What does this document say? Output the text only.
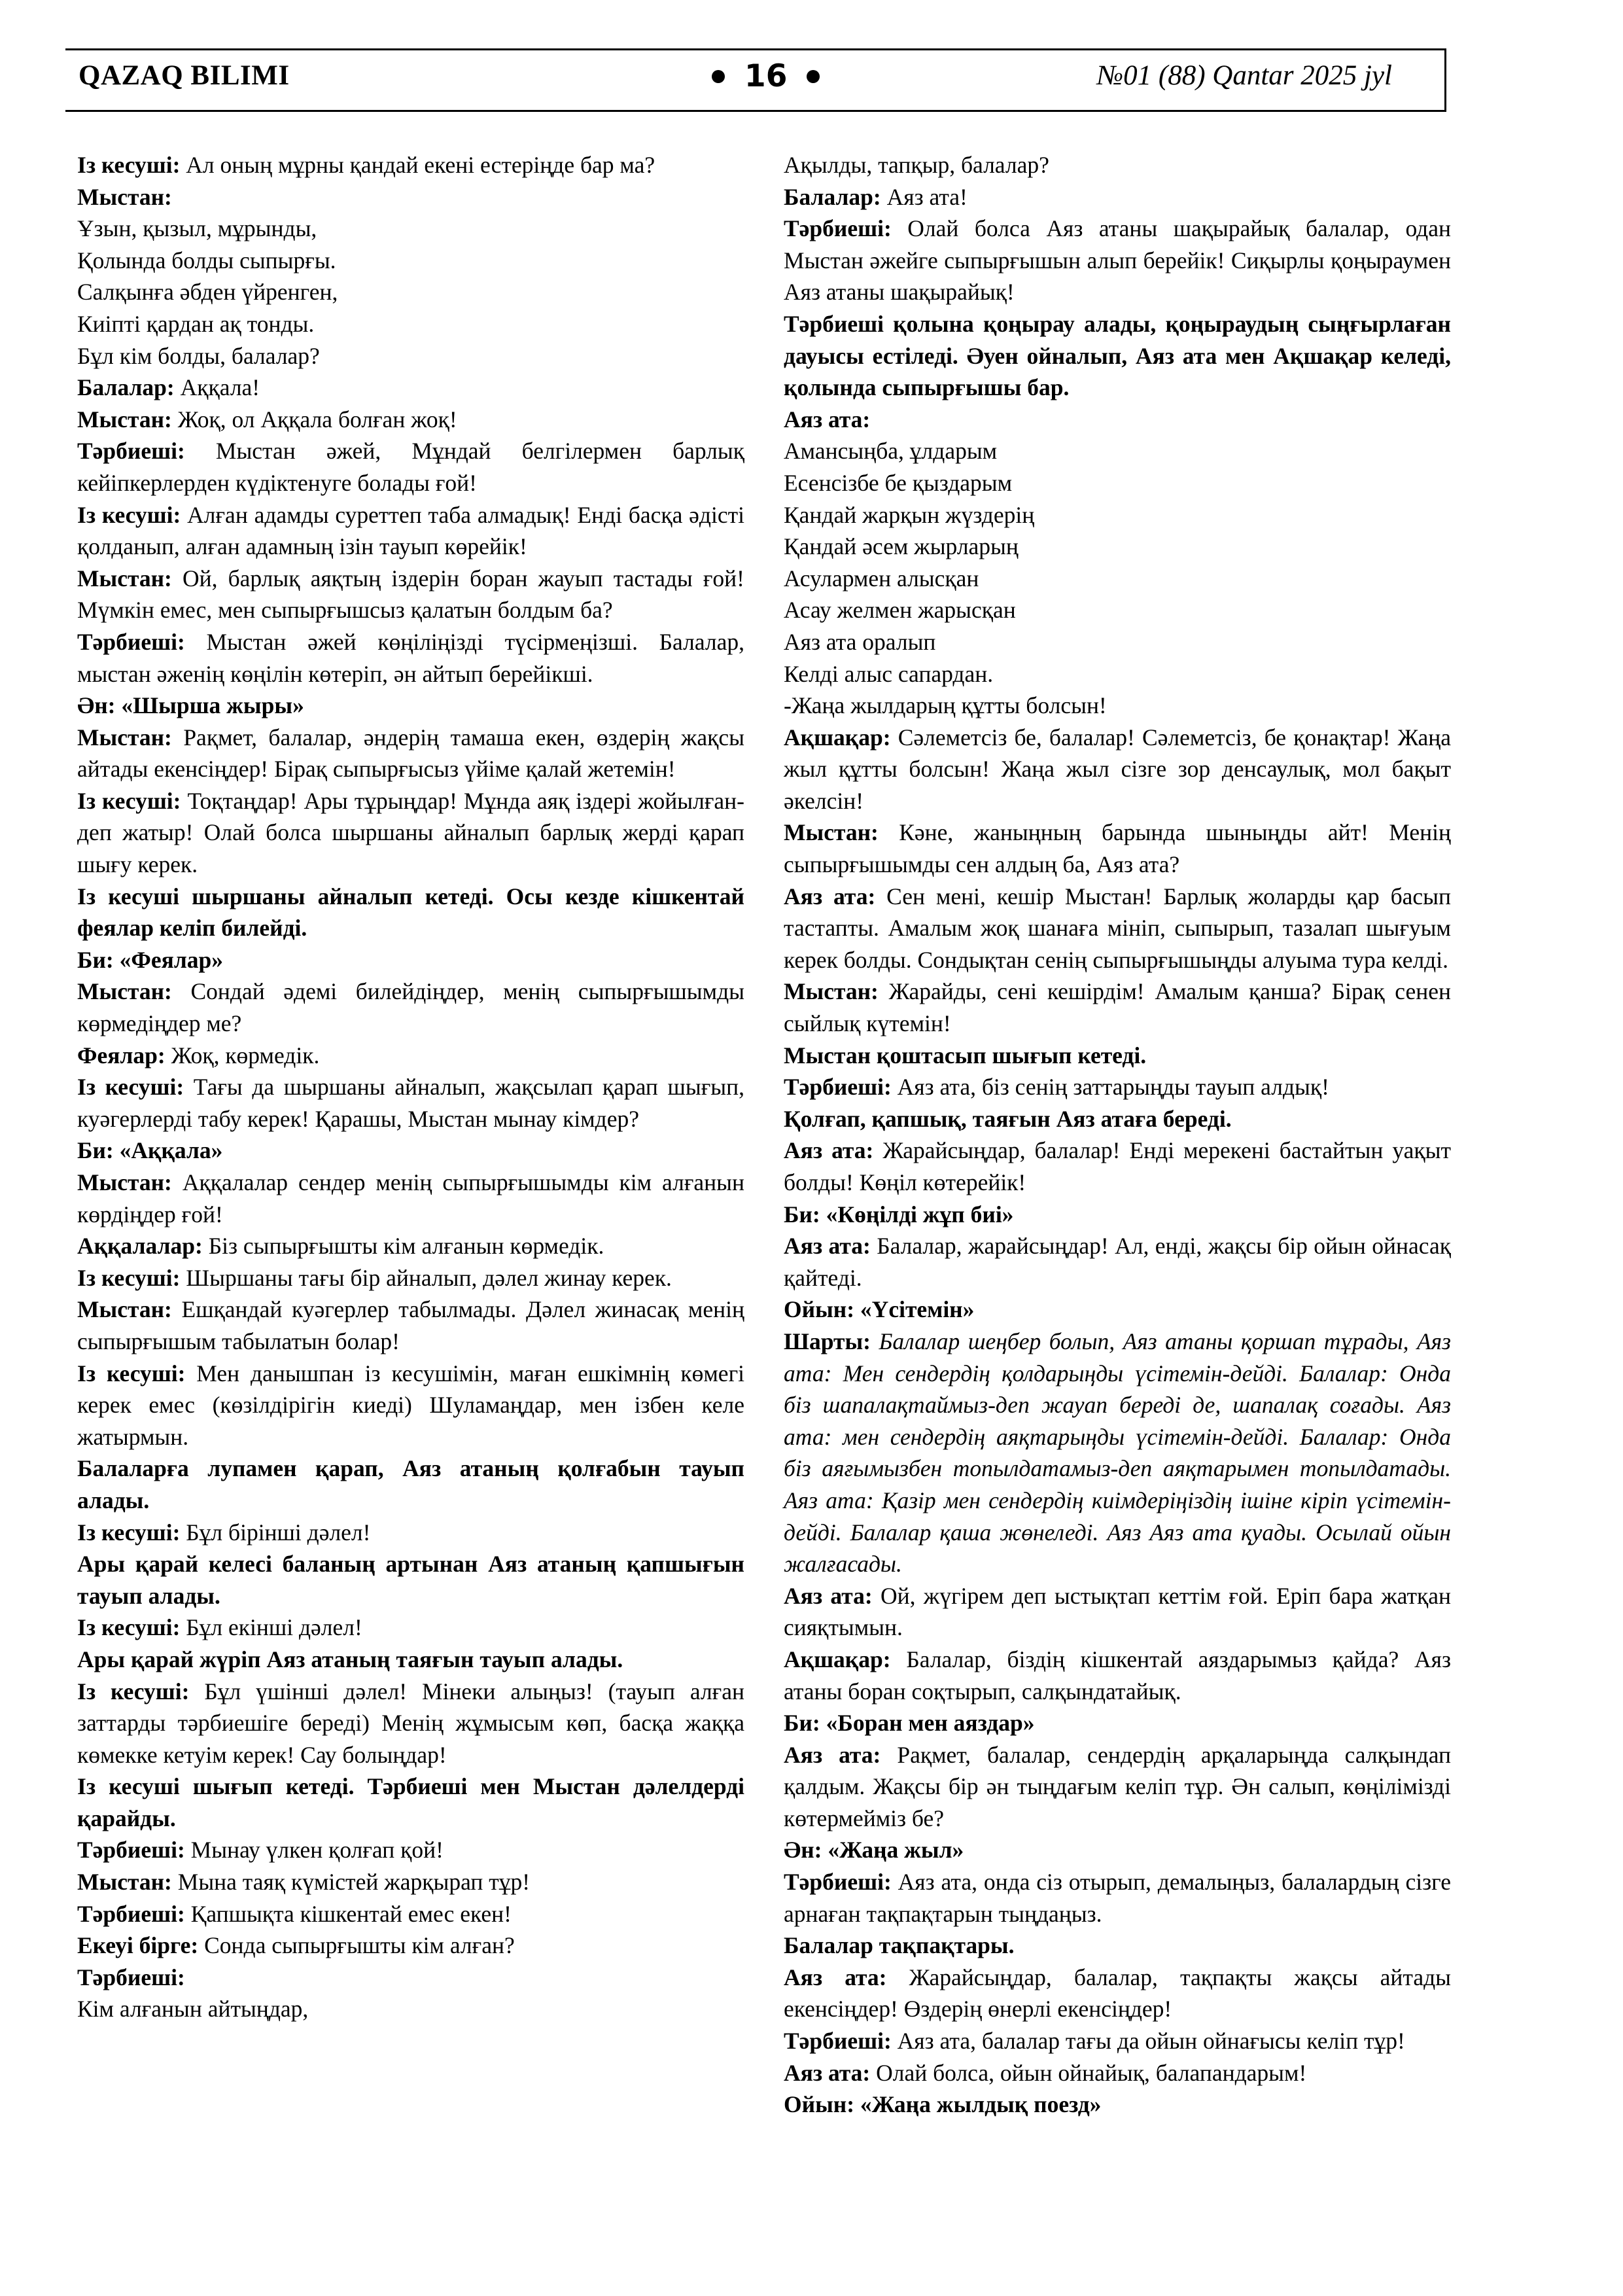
QAZAQ BILIMI	16	№01 (88) Qantar 2025 jyl

Із кесуші: Ал оның мұрны қандай екені естеріңде бар ма?

Мыстан:

Ұзын, қызыл, мұрынды,

Қолында болды сыпырғы.

Салқынға әбден үйренген,

Киіпті қардан ақ тонды.

Бұл кім болды, балалар?

Балалар: Аққала!

Мыстан: Жоқ, ол Аққала болған жоқ!

Тәрбиеші: Мыстан әжей, Мұндай белгілермен барлық кейіпкерлерден күдіктенуге болады ғой!

Із кесуші: Алған адамды суреттеп таба алмадық! Енді басқа әдісті қолданып, алған адамның ізін тауып көрейік!

Мыстан: Ой, барлық аяқтың іздерін боран жауып тастады ғой! Мүмкін емес, мен сыпырғышсыз қалатын болдым ба?

Тәрбиеші: Мыстан әжей көңіліңізді түсірмеңізші. Балалар, мыстан әженің көңілін көтеріп, ән айтып берейікші.

Ән: «Шырша жыры»

Мыстан: Рақмет, балалар, әндерің тамаша екен, өздерің жақсы айтады екенсіңдер! Бірақ сыпырғысыз үйіме қалай жетемін!

Із кесуші: Тоқтаңдар! Ары тұрыңдар! Мұнда аяқ іздері жойылған-деп жатыр! Олай болса шыршаны айналып барлық жерді қарап шығу керек.

Із кесуші шыршаны айналып кетеді. Осы кезде кішкентай феялар келіп билейді.

Би: «Феялар»

Мыстан: Сондай әдемі билейдіңдер, менің сыпырғышымды көрмедіңдер ме?

Феялар: Жоқ, көрмедік.

Із кесуші: Тағы да шыршаны айналып, жақсылап қарап шығып, куәгерлерді табу керек! Қарашы, Мыстан мынау кімдер?

Би: «Аққала»

Мыстан: Аққалалар сендер менің сыпырғышымды кім алғанын көрдіңдер ғой!

Аққалалар: Біз сыпырғышты кім алғанын көрмедік.

Із кесуші: Шыршаны тағы бір айналып, дәлел жинау керек.

Мыстан: Ешқандай куәгерлер табылмады. Дәлел жинасақ менің сыпырғышым табылатын болар!

Із кесуші: Мен данышпан із кесушімін, маған ешкімнің көмегі керек емес (көзілдірігін киеді) Шуламаңдар, мен ізбен келе жатырмын.

Балаларға лупамен қарап, Аяз атаның қолғабын тауып алады.

Із кесуші: Бұл бірінші дәлел!

Ары қарай келесі баланың артынан Аяз атаның қапшығын тауып алады.

Із кесуші: Бұл екінші дәлел!

Ары қарай жүріп Аяз атаның таяғын тауып алады.

Із кесуші: Бұл үшінші дәлел! Мінеки алыңыз! (тауып алған заттарды тәрбиешіге береді) Менің жұмысым көп, басқа жаққа көмекке кетуім керек! Сау болыңдар!

Із кесуші шығып кетеді. Тәрбиеші мен Мыстан дәлелдерді қарайды.

Тәрбиеші: Мынау үлкен қолғап қой!

Мыстан: Мына таяқ күмістей жарқырап тұр!

Тәрбиеші: Қапшықта кішкентай емес екен!

Екеуі бірге: Сонда сыпырғышты кім алған?

Тәрбиеші:

Кім алғанын айтыңдар,

Ақылды, тапқыр, балалар?

Балалар: Аяз ата!

Тәрбиеші: Олай болса Аяз атаны шақырайық балалар, одан Мыстан әжейге сыпырғышын алып берейік! Сиқырлы қоңыраумен Аяз атаны шақырайық!

Тәрбиеші қолына қоңырау алады, қоңыраудың сыңғырлаған дауысы естіледі. Әуен ойналып, Аяз ата мен Ақшақар келеді, қолында сыпырғышы бар.

Аяз ата:

Амансыңба, ұлдарым

Есенсізбе бе қыздарым

Қандай жарқын жүздерің

Қандай әсем жырларың

Асулармен алысқан

Асау желмен жарысқан

Аяз ата оралып

Келді алыс сапардан.

-Жаңа жылдарың құтты болсын!

Ақшақар: Сәлеметсіз бе, балалар! Сәлеметсіз, бе қонақтар! Жаңа жыл құтты болсын! Жаңа жыл сізге зор денсаулық, мол бақыт әкелсін!

Мыстан: Кәне, жаныңның барында шыныңды айт! Менің сыпырғышымды сен алдың ба, Аяз ата?

Аяз ата: Сен мені, кешір Мыстан! Барлық жоларды қар басып тастапты. Амалым жоқ шанаға мініп, сыпырып, тазалап шығуым керек болды. Сондықтан сенің сыпырғышыңды алуыма тура келді.

Мыстан: Жарайды, сені кешірдім! Амалым қанша? Бірақ сенен сыйлық күтемін!

Мыстан қоштасып шығып кетеді.

Тәрбиеші: Аяз ата, біз сенің заттарыңды тауып алдық!

Қолғап, қапшық, таяғын Аяз атаға береді.

Аяз ата: Жарайсыңдар, балалар! Енді мерекені бастайтын уақыт болды! Көңіл көтерейік!

Би: «Көңілді жұп биі»

Аяз ата: Балалар, жарайсыңдар! Ал, енді, жақсы бір ойын ойнасақ қайтеді.

Ойын: «Үсітемін»

Шарты: Балалар шеңбер болып, Аяз атаны қоршап тұрады, Аяз ата: Мен сендердің қолдарыңды үсітемін-дейді. Балалар: Онда біз шапалақтаймыз-деп жауап береді де, шапалақ соғады. Аяз ата: мен сендердің аяқтарыңды үсітемін-дейді. Балалар: Онда біз аяғымызбен топылдатамыз-деп аяқтарымен топылдатады. Аяз ата: Қазір мен сендердің киімдеріңіздің ішіне кіріп үсітемін-дейді. Балалар қаша жөнеледі. Аяз Аяз ата қуады. Осылай ойын жалғасады.

Аяз ата: Ой, жүгірем деп ыстықтап кеттім ғой. Еріп бара жатқан сияқтымын.

Ақшақар: Балалар, біздің кішкентай аяздарымыз қайда? Аяз атаны боран соқтырып, салқындатайық.

Би: «Боран мен аяздар»

Аяз ата: Рақмет, балалар, сендердің арқаларыңда салқындап қалдым. Жақсы бір ән тыңдағым келіп тұр. Ән салып, көңілімізді көтермейміз бе?

Ән: «Жаңа жыл»

Тәрбиеші: Аяз ата, онда сіз отырып, демалыңыз, балалардың сізге арнаған тақпақтарын тыңдаңыз.

Балалар тақпақтары.

Аяз ата: Жарайсыңдар, балалар, тақпақты жақсы айтады екенсіңдер! Өздерің өнерлі екенсіңдер!

Тәрбиеші: Аяз ата, балалар тағы да ойын ойнағысы келіп тұр!

Аяз ата: Олай болса, ойын ойнайық, балапандарым!

Ойын: «Жаңа жылдық поезд»
